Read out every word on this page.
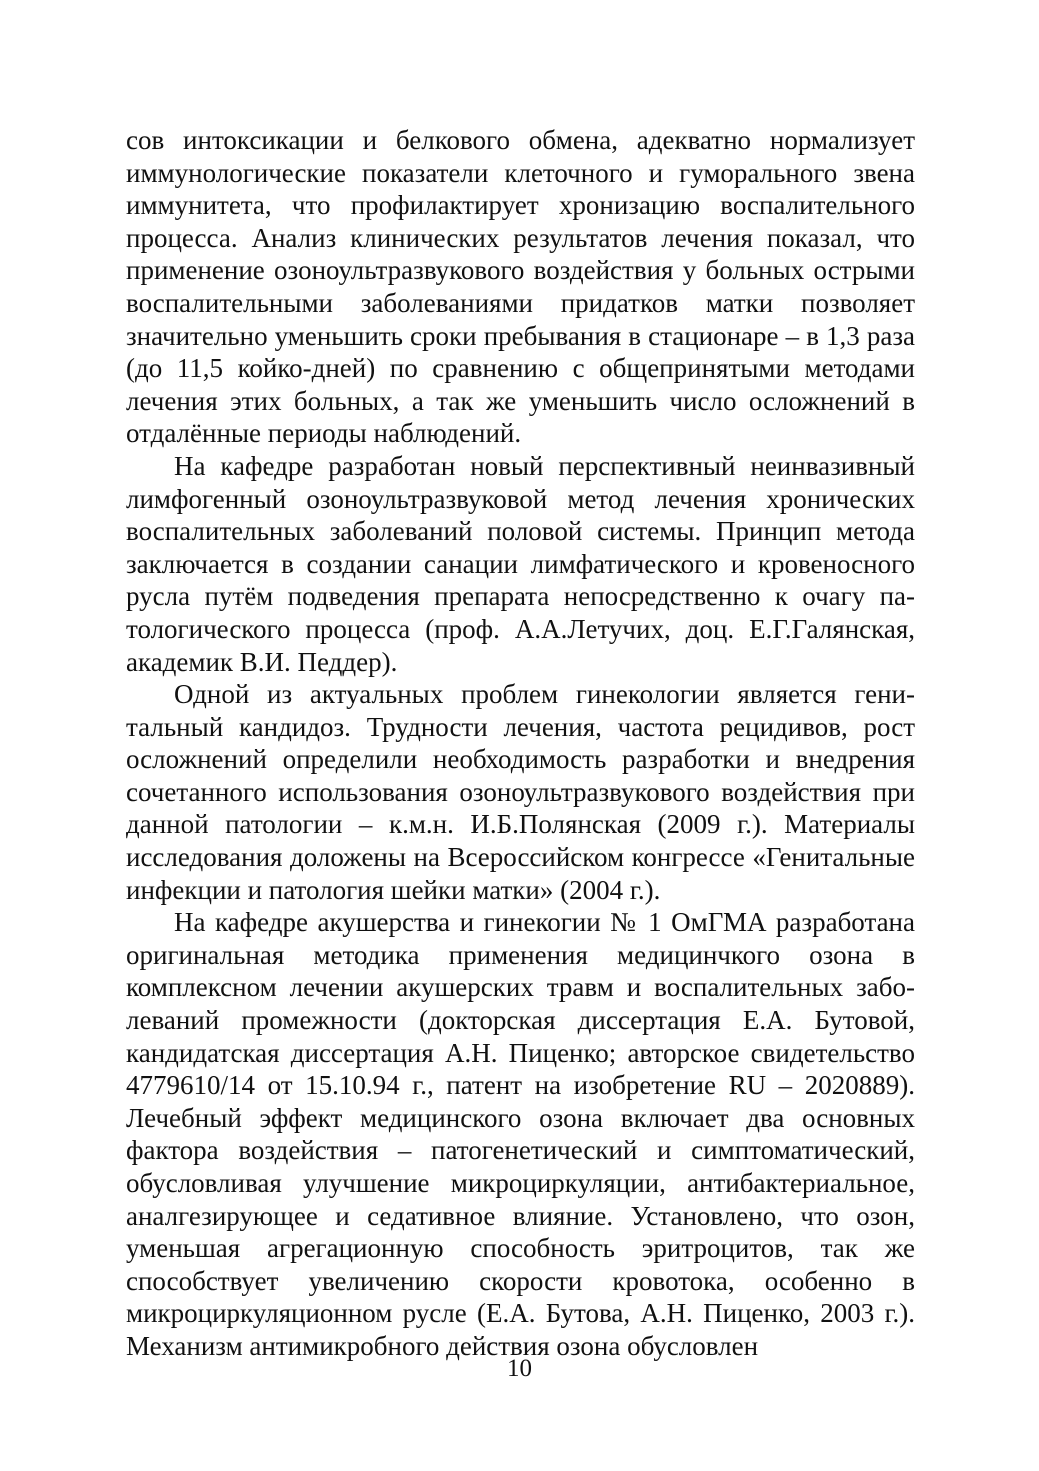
сов интоксикации и белкового обмена, адекватно нормализует иммунологические показатели клеточного и гуморального звена иммунитета, что профилактирует хронизацию воспалительного процесса. Анализ клинических результатов лечения показал, что применение озоноультразвукового воздействия у больных острыми воспалительными заболеваниями придатков матки позволяет значительно уменьшить сроки пребывания в стационаре – в 1,3 раза (до 11,5 койко-дней) по сравнению с общепринятыми методами лечения этих больных, а так же уменьшить число осложнений в отдалённые периоды наблюдений.

На кафедре разработан новый перспективный неинвазивный лимфогенный озоноультразвуковой метод лечения хронических воспалительных заболеваний половой системы. Принцип метода заключается в создании санации лимфатического и кровеносного русла путём подведения препарата непосредственно к очагу патологического процесса (проф. А.А.Летучих, доц. Е.Г.Галянская, академик В.И. Педдер).

Одной из актуальных проблем гинекологии является генитальный кандидоз. Трудности лечения, частота рецидивов, рост осложнений определили необходимость разработки и внедрения сочетанного использования озоноультразвукового воздействия при данной патологии – к.м.н. И.Б.Полянская (2009 г.). Материалы исследования доложены на Всероссийском конгрессе «Генитальные инфекции и патология шейки матки» (2004 г.).

На кафедре акушерства и гинекогии № 1 ОмГМА разработана оригинальная методика применения медицинчкого озона в комплексном лечении акушерских травм и воспалительных заболеваний промежности (докторская диссертация Е.А. Бутовой, кандидатская диссертация А.Н. Пиценко; авторское свидетельство 4779610/14 от 15.10.94 г., патент на изобретение RU – 2020889). Лечебный эффект медицинского озона включает два основных фактора воздействия – патогенетический и симптоматический, обусловливая улучшение микроциркуляции, антибактериальное, аналгезирующее и седативное влияние. Установлено, что озон, уменьшая агрегационную способность эритроцитов, так же способствует увеличению скорости кровотока, особенно в микроциркуляционном русле (Е.А. Бутова, А.Н. Пиценко, 2003 г.). Механизм антимикробного действия озона обусловлен

10
